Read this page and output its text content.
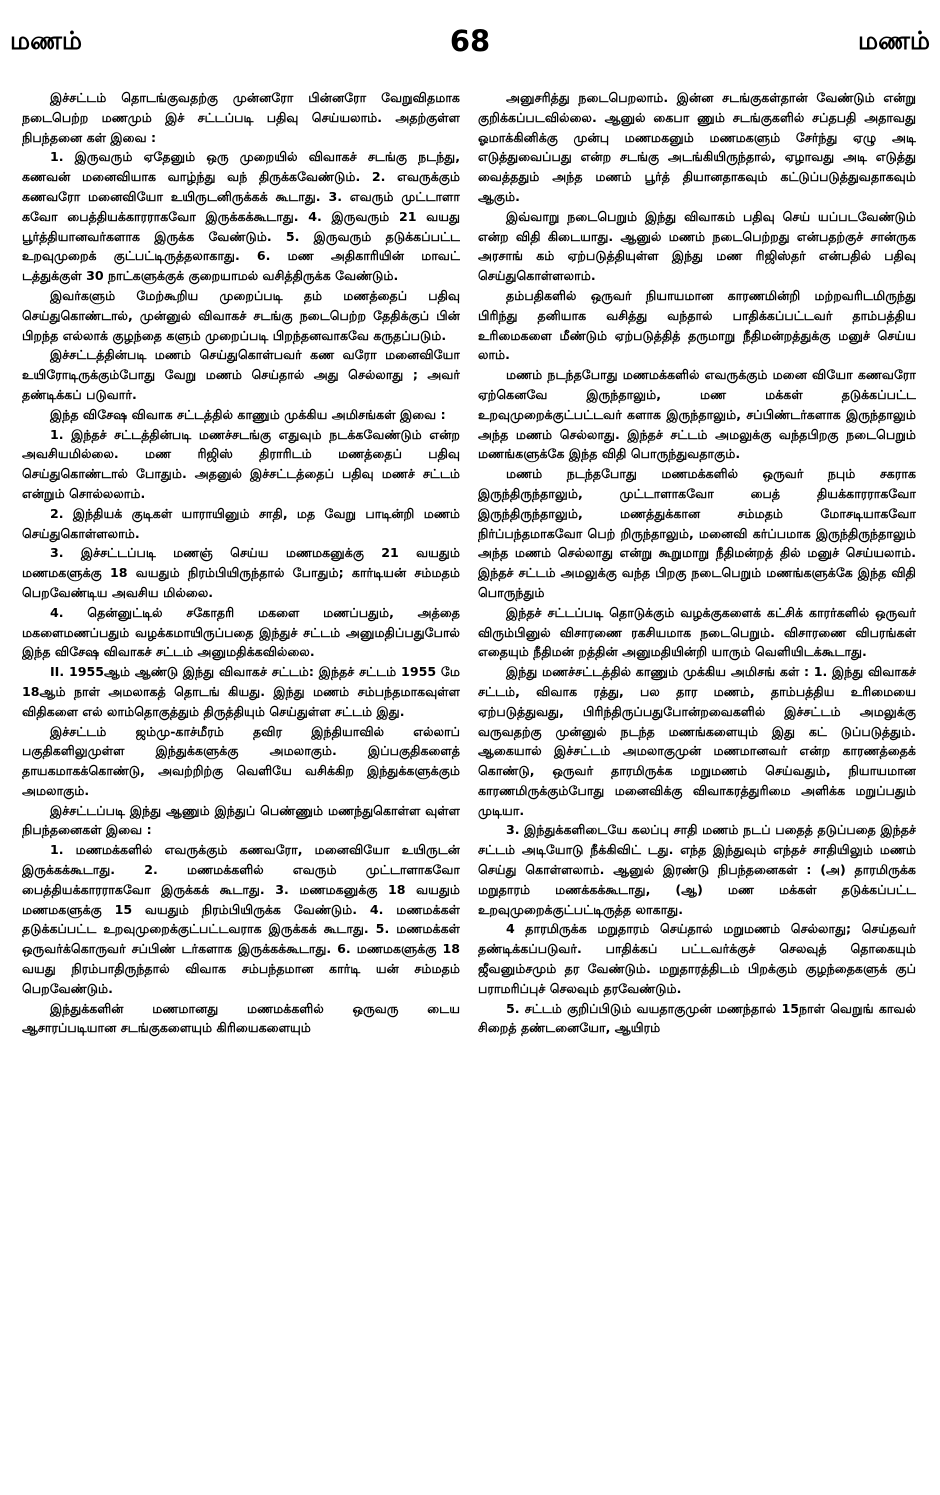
மணம்	68	மணம்

இச்சட்டம் தொடங்குவதற்கு முன்னரோ பின்னரோ வேறுவிதமாக நடைபெற்ற மணமும் இச் சட்டப்படி பதிவு செய்யலாம். அதற்குள்ள நிபந்தனை கள் இவை :

1. இருவரும் ஏதேனும் ஒரு முறையில் விவாகச் சடங்கு நடந்து, கணவன் மனைவியாக வாழ்ந்து வந் திருக்கவேண்டும். 2. எவருக்கும் கணவரோ மனைவியோ உயிருடனிருக்கக் கூடாது. 3. எவரும் முட்டாளா கவோ பைத்தியக்காரராகவோ இருக்கக்கூடாது. 4. இருவரும் 21 வயது பூர்த்தியானவர்களாக இருக்க வேண்டும். 5. இருவரும் தடுக்கப்பட்ட உறவுமுறைக் குட்பட்டிருத்தலாகாது. 6. மண அதிகாரியின் மாவட் டத்துக்குள் 30 நாட்களுக்குக் குறையாமல் வசித்திருக்க வேண்டும்.

இவர்களும் மேற்கூறிய முறைப்படி தம் மணத்தைப் பதிவு செய்துகொண்டால், முன்னுல் விவாகச் சடங்கு நடைபெற்ற தேதிக்குப் பின் பிறந்த எல்லாக் குழந்தை களும் முறைப்படி பிறந்தனவாகவே கருதப்படும்.

இச்சட்டத்தின்படி மணம் செய்துகொள்பவர் கண வரோ மனைவியோ உயிரோடிருக்கும்போது வேறு மணம் செய்தால் அது செல்லாது ; அவர் தண்டிக்கப் படுவார்.

இந்த விசேஷ விவாக சட்டத்தில் காணும் முக்கிய அமிசங்கள் இவை :

1. இந்தச் சட்டத்தின்படி மணச்சடங்கு எதுவும் நடக்கவேண்டும் என்ற அவசியமில்லை. மண ரிஜிஸ் திராரிடம் மணத்தைப் பதிவு செய்துகொண்டால் போதும். அதனுல் இச்சட்டத்தைப் பதிவு மணச் சட்டம் என்றும் சொல்லலாம்.

2. இந்தியக் குடிகள் யாராயினும் சாதி, மத வேறு பாடின்றி மணம் செய்துகொள்ளலாம்.

3. இச்சட்டப்படி மணஞ் செய்ய மணமகனுக்கு 21 வயதும் மணமகளுக்கு 18 வயதும் நிரம்பியிருந்தால் போதும்; கார்டியன் சம்மதம் பெறவேண்டிய அவசிய மில்லை.

4. தென்னுட்டில் சகோதரி மகளை மணப்பதும், அத்தை மகளைமணப்பதும் வழக்கமாயிருப்பதை இந்துச் சட்டம் அனுமதிப்பதுபோல் இந்த விசேஷ விவாகச் சட்டம் அனுமதிக்கவில்லை.

II. 1955ஆம் ஆண்டு இந்து விவாகச் சட்டம்: இந்தச் சட்டம் 1955 மே 18ஆம் நாள் அமலாகத் தொடங் கியது. இந்து மணம் சம்பந்தமாகவுள்ள விதிகளை எல் லாம்தொகுத்தும் திருத்தியும் செய்துள்ள சட்டம் இது.

இச்சட்டம் ஜம்மு-காச்மீரம் தவிர இந்தியாவில் எல்லாப் பகுதிகளிலுமுள்ள இந்துக்களுக்கு அமலாகும். இப்பகுதிகளைத் தாயகமாகக்கொண்டு, அவற்றிற்கு வெளியே வசிக்கிற இந்துக்களுக்கும் அமலாகும்.

இச்சட்டப்படி இந்து ஆணும் இந்துப் பெண்ணும் மணந்துகொள்ள வுள்ள நிபந்தனைகள் இவை :

1. மணமக்களில் எவருக்கும் கணவரோ, மனைவியோ உயிருடன் இருக்கக்கூடாது. 2. மணமக்களில் எவரும் முட்டாளாகவோ பைத்தியக்காரராகவோ இருக்கக் கூடாது. 3. மணமகனுக்கு 18 வயதும் மணமகளுக்கு 15 வயதும் நிரம்பியிருக்க வேண்டும். 4. மணமக்கள் தடுக்கப்பட்ட உறவுமுறைக்குட்பட்டவராக இருக்கக் கூடாது. 5. மணமக்கள் ஒருவர்க்கொருவர் சப்பிண் டர்களாக இருக்கக்கூடாது. 6. மணமகளுக்கு 18 வயது நிரம்பாதிருந்தால் விவாக சம்பந்தமான கார்டி யன் சம்மதம் பெறவேண்டும்.

இந்துக்களின் மணமானது மணமக்களில் ஒருவரு டைய ஆசாரப்படியான சடங்குகளையும் கிரியைகளையும்

அனுசரித்து நடைபெறலாம். இன்ன சடங்குகள்தான் வேண்டும் என்று குறிக்கப்படவில்லை. ஆனுல் கைபா ணும் சடங்குகளில் சப்தபதி அதாவது ஓமாக்கினிக்கு முன்பு மணமகனும் மணமகளும் சேர்ந்து ஏழு அடி எடுத்துவைப்பது என்ற சடங்கு அடங்கியிருந்தால், ஏழாவது அடி எடுத்து வைத்ததும் அந்த மணம் பூர்த் தியானதாகவும் கட்டுப்படுத்துவதாகவும் ஆகும்.

இவ்வாறு நடைபெறும் இந்து விவாகம் பதிவு செய் யப்படவேண்டும் என்ற விதி கிடையாது. ஆனுல் மணம் நடைபெற்றது என்பதற்குச் சான்ருக அரசாங் கம் ஏற்படுத்தியுள்ள இந்து மண ரிஜிஸ்தர் என்பதில் பதிவு செய்துகொள்ளலாம்.

தம்பதிகளில் ஒருவர் நியாயமான காரணமின்றி மற்றவரிடமிருந்து பிரிந்து தனியாக வசித்து வந்தால் பாதிக்கப்பட்டவர் தாம்பத்திய உரிமைகளை மீண்டும் ஏற்படுத்தித் தருமாறு நீதிமன்றத்துக்கு மனுச் செய்ய லாம்.

மணம் நடந்தபோது மணமக்களில் எவருக்கும் மனை வியோ கணவரோ ஏற்கெனவே இருந்தாலும், மண மக்கள் தடுக்கப்பட்ட உறவுமுறைக்குட்பட்டவர் களாக இருந்தாலும், சப்பிண்டர்களாக இருந்தாலும் அந்த மணம் செல்லாது. இந்தச் சட்டம் அமலுக்கு வந்தபிறகு நடைபெறும் மணங்களுக்கே இந்த விதி பொருந்துவதாகும்.

மணம் நடந்தபோது மணமக்களில் ஒருவர் நபும் சகராக இருந்திருந்தாலும், முட்டாளாகவோ பைத் தியக்காரராகவோ இருந்திருந்தாலும், மணத்துக்கான சம்மதம் மோசடியாகவோ நிர்ப்பந்தமாகவோ பெற் றிருந்தாலும், மனைவி கர்ப்பமாக இருந்திருந்தாலும் அந்த மணம் செல்லாது என்று கூறுமாறு நீதிமன்றத் தில் மனுச் செய்யலாம். இந்தச் சட்டம் அமலுக்கு வந்த பிறகு நடைபெறும் மணங்களுக்கே இந்த விதி பொருந்தும்

இந்தச் சட்டப்படி தொடுக்கும் வழக்குகளைக் கட்சிக் காரர்களில் ஒருவர் விரும்பினுல் விசாரணை ரகசியமாக நடைபெறும். விசாரணை விபரங்கள் எதையும் நீதிமன் றத்தின் அனுமதியின்றி யாரும் வெளியிடக்கூடாது.

இந்து மணச்சட்டத்தில் காணும் முக்கிய அமிசங் கள் : 1. இந்து விவாகச் சட்டம், விவாக ரத்து, பல தார மணம், தாம்பத்திய உரிமையை ஏற்படுத்துவது, பிரிந்திருப்பதுபோன்றவைகளில் இச்சட்டம் அமலுக்கு வருவதற்கு முன்னுல் நடந்த மணங்களையும் இது கட் டுப்படுத்தும். ஆகையால் இச்சட்டம் அமலாகுமுன் மணமானவர் என்ற காரணத்தைக் கொண்டு, ஒருவர் தாரமிருக்க மறுமணம் செய்வதும், நியாயமான காரணமிருக்கும்போது மனைவிக்கு விவாகரத்துரிமை அளிக்க மறுப்பதும் முடியா.

3. இந்துக்களிடையே கலப்பு சாதி மணம் நடப் பதைத் தடுப்பதை இந்தச் சட்டம் அடியோடு நீக்கிவிட் டது. எந்த இந்துவும் எந்தச் சாதியிலும் மணம் செய்து கொள்ளலாம். ஆனுல் இரண்டு நிபந்தனைகள் : (அ) தாரமிருக்க மறுதாரம் மணக்கக்கூடாது, (ஆ) மண மக்கள் தடுக்கப்பட்ட உறவுமுறைக்குட்பட்டிருத்த லாகாது.

4 தாரமிருக்க மறுதாரம் செய்தால் மறுமணம் செல்லாது; செய்தவர் தண்டிக்கப்படுவர். பாதிக்கப் பட்டவர்க்குச் செலவுத் தொகையும் ஜீவனும்சமும் தர வேண்டும். மறுதாரத்திடம் பிறக்கும் குழந்தைகளுக் குப் பராமரிப்புச் செலவும் தரவேண்டும்.

5. சட்டம் குறிப்பிடும் வயதாகுமுன் மணந்தால் 15நாள் வெறுங் காவல் சிறைத் தண்டனையோ, ஆயிரம்
